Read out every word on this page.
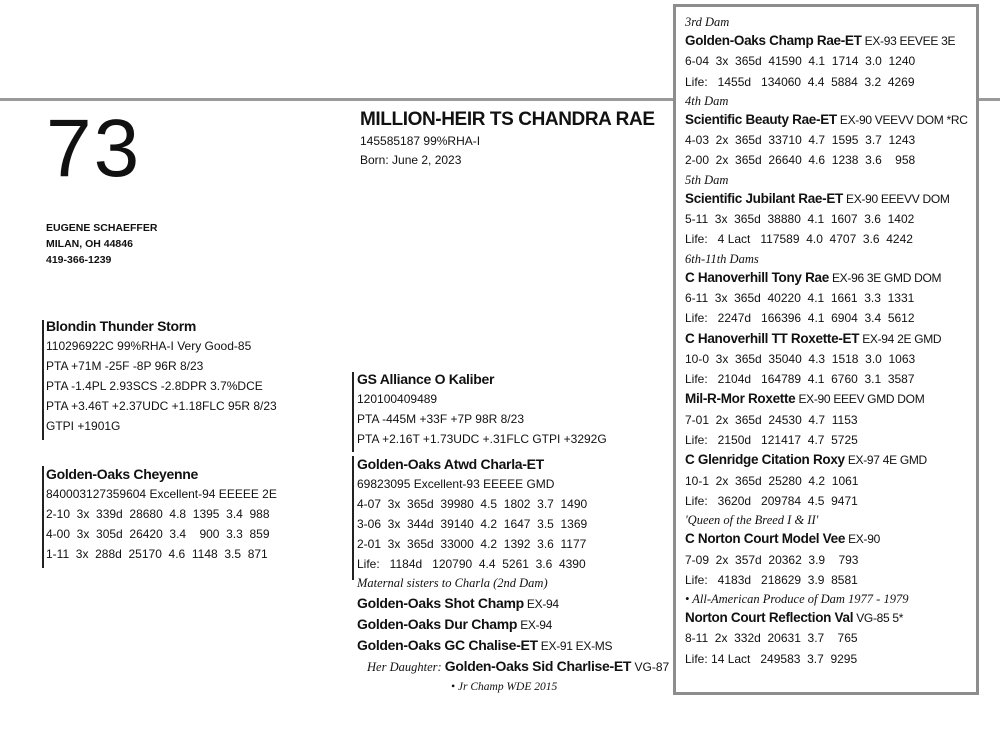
73
EUGENE SCHAEFFER
MILAN, OH 44846
419-366-1239
MILLION-HEIR TS CHANDRA RAE
145585187 99%RHA-I
Born: June 2, 2023
Blondin Thunder Storm
110296922C 99%RHA-I Very Good-85
PTA +71M -25F -8P 96R 8/23
PTA -1.4PL 2.93SCS -2.8DPR 3.7%DCE
PTA +3.46T +2.37UDC +1.18FLC 95R 8/23
GTPI +1901G
Golden-Oaks Cheyenne
840003127359604 Excellent-94 EEEEE 2E
2-10  3x  339d  28680  4.8  1395  3.4  988
4-00  3x  305d  26420  3.4    900  3.3  859
1-11  3x  288d  25170  4.6  1148  3.5  871
GS Alliance O Kaliber
120100409489
PTA -445M +33F +7P 98R 8/23
PTA +2.16T +1.73UDC +.31FLC GTPI +3292G
Golden-Oaks Atwd Charla-ET
69823095 Excellent-93 EEEEE GMD
4-07  3x  365d  39980  4.5  1802  3.7  1490
3-06  3x  344d  39140  4.2  1647  3.5  1369
2-01  3x  365d  33000  4.2  1392  3.6  1177
Life:   1184d   120790  4.4  5261  3.6  4390
Maternal sisters to Charla (2nd Dam)
Golden-Oaks Shot Champ EX-94
Golden-Oaks Dur Champ EX-94
Golden-Oaks GC Chalise-ET EX-91 EX-MS
Her Daughter: Golden-Oaks Sid Charlise-ET VG-87
• Jr Champ WDE 2015
3rd Dam
Golden-Oaks Champ Rae-ET EX-93 EEVEE 3E
6-04  3x  365d  41590  4.1  1714  3.0  1240
Life:   1455d   134060  4.4  5884  3.2  4269
4th Dam
Scientific Beauty Rae-ET EX-90 VEEVV DOM *RC
4-03  2x  365d  33710  4.7  1595  3.7  1243
2-00  2x  365d  26640  4.6  1238  3.6    958
5th Dam
Scientific Jubilant Rae-ET EX-90 EEEVV DOM
5-11  3x  365d  38880  4.1  1607  3.6  1402
Life:   4 Lact   117589  4.0  4707  3.6  4242
6th-11th Dams
C Hanoverhill Tony Rae EX-96 3E GMD DOM
6-11  3x  365d  40220  4.1  1661  3.3  1331
Life:   2247d   166396  4.1  6904  3.4  5612
C Hanoverhill TT Roxette-ET EX-94 2E GMD
10-0  3x  365d  35040  4.3  1518  3.0  1063
Life:   2104d   164789  4.1  6760  3.1  3587
Mil-R-Mor Roxette EX-90 EEEV GMD DOM
7-01  2x  365d  24530  4.7  1153
Life:   2150d   121417  4.7  5725
C Glenridge Citation Roxy EX-97 4E GMD
10-1  2x  365d  25280  4.2  1061
Life:   3620d   209784  4.5  9471
'Queen of the Breed I & II'
C Norton Court Model Vee EX-90
7-09  2x  357d  20362  3.9    793
Life:   4183d   218629  3.9  8581
• All-American Produce of Dam 1977 - 1979
Norton Court Reflection Val VG-85 5*
8-11  2x  332d  20631  3.7    765
Life: 14 Lact   249583  3.7  9295
